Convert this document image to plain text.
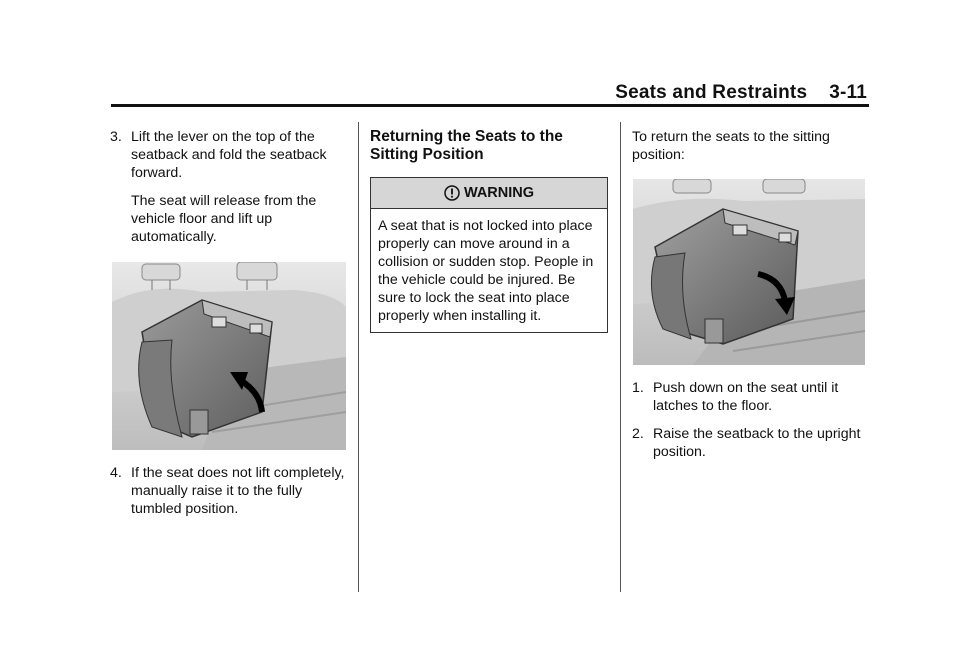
Seats and Restraints 3-11

3. Lift the lever on the top of the seatback and fold the seatback forward.

The seat will release from the vehicle floor and lift up automatically.

4. If the seat does not lift completely, manually raise it to the fully tumbled position.

Returning the Seats to the Sitting Position

WARNING
A seat that is not locked into place properly can move around in a collision or sudden stop. People in the vehicle could be injured. Be sure to lock the seat into place properly when installing it.

To return the seats to the sitting position:

1. Push down on the seat until it latches to the floor.

2. Raise the seatback to the upright position.
